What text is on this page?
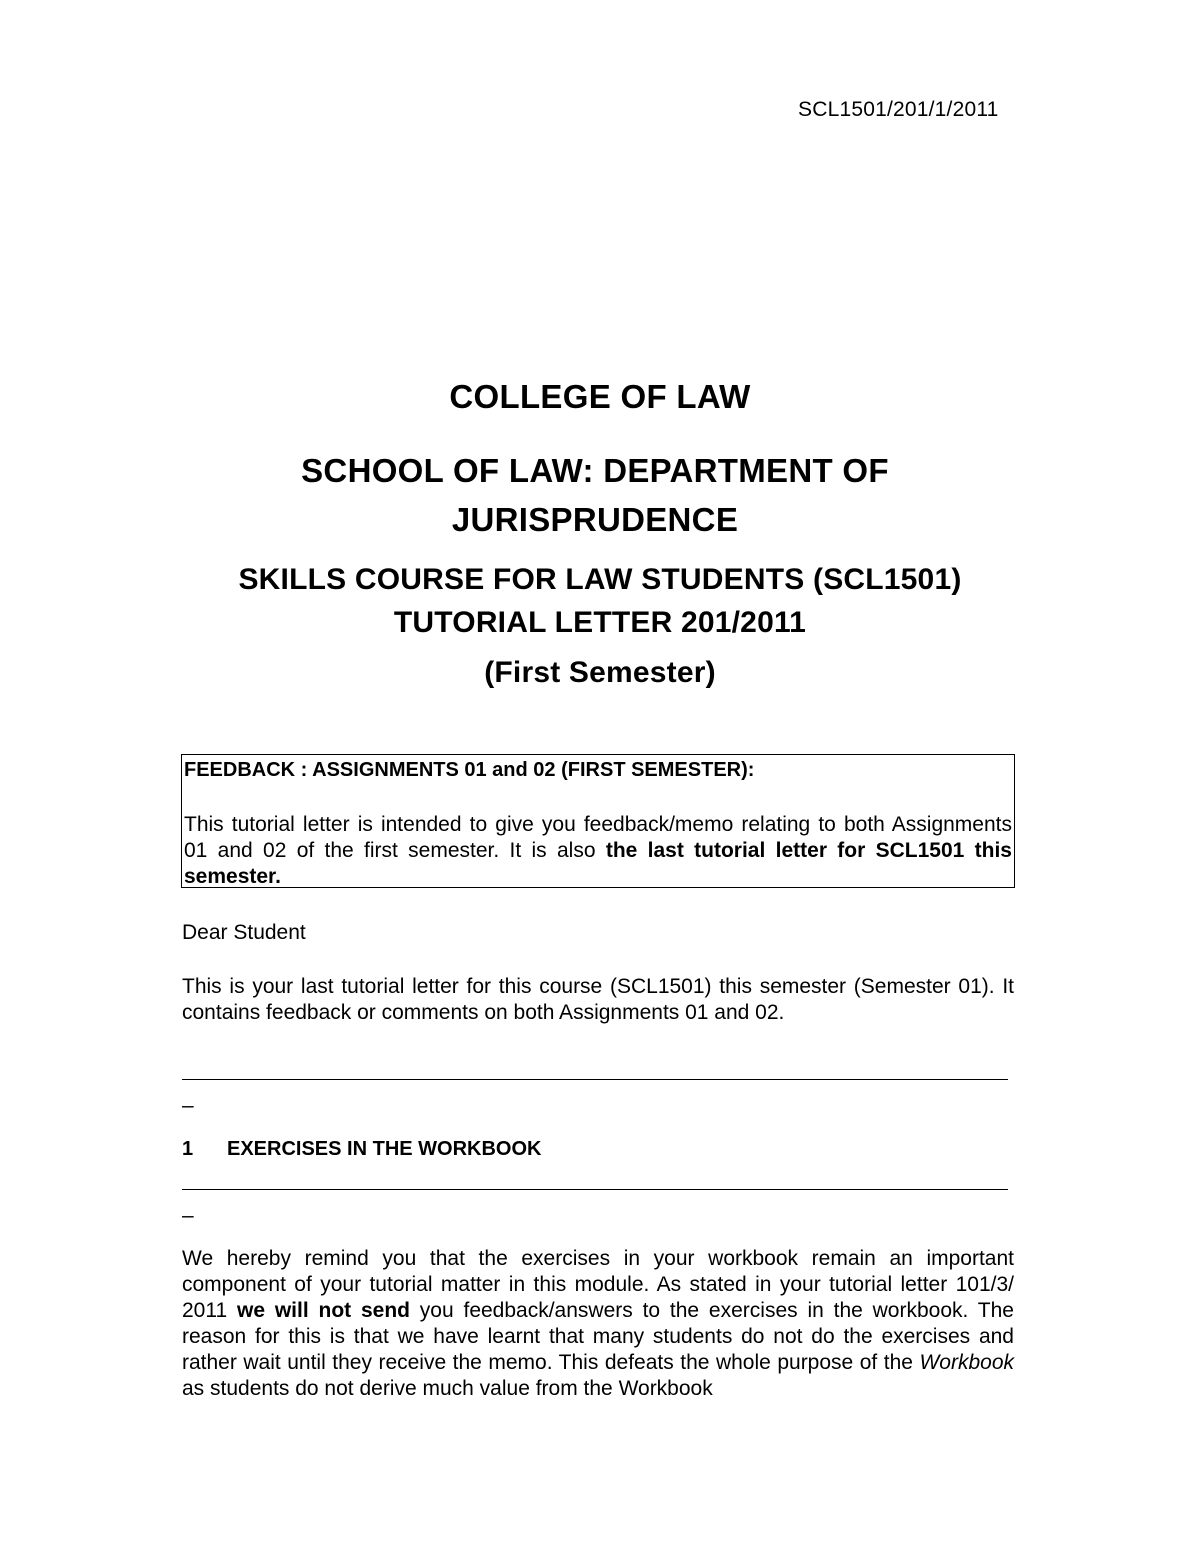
SCL1501/201/1/2011
COLLEGE OF LAW
SCHOOL OF LAW: DEPARTMENT OF
JURISPRUDENCE
SKILLS COURSE FOR LAW STUDENTS (SCL1501)
TUTORIAL LETTER 201/2011
(First Semester)

FEEDBACK : ASSIGNMENTS 01 and 02 (FIRST SEMESTER):

This tutorial letter is intended to give you feedback/memo relating to both Assignments 01 and 02 of the first semester. It is also the last tutorial letter for SCL1501 this semester.

Dear Student
This is your last tutorial letter for this course (SCL1501) this semester (Semester 01). It contains feedback or comments on both Assignments 01 and 02.
–
1 EXERCISES IN THE WORKBOOK
–
We hereby remind you that the exercises in your workbook remain an important component of your tutorial matter in this module. As stated in your tutorial letter 101/3/ 2011 we will not send you feedback/answers to the exercises in the workbook. The reason for this is that we have learnt that many students do not do the exercises and rather wait until they receive the memo. This defeats the whole purpose of the Workbook as students do not derive much value from the Workbook
